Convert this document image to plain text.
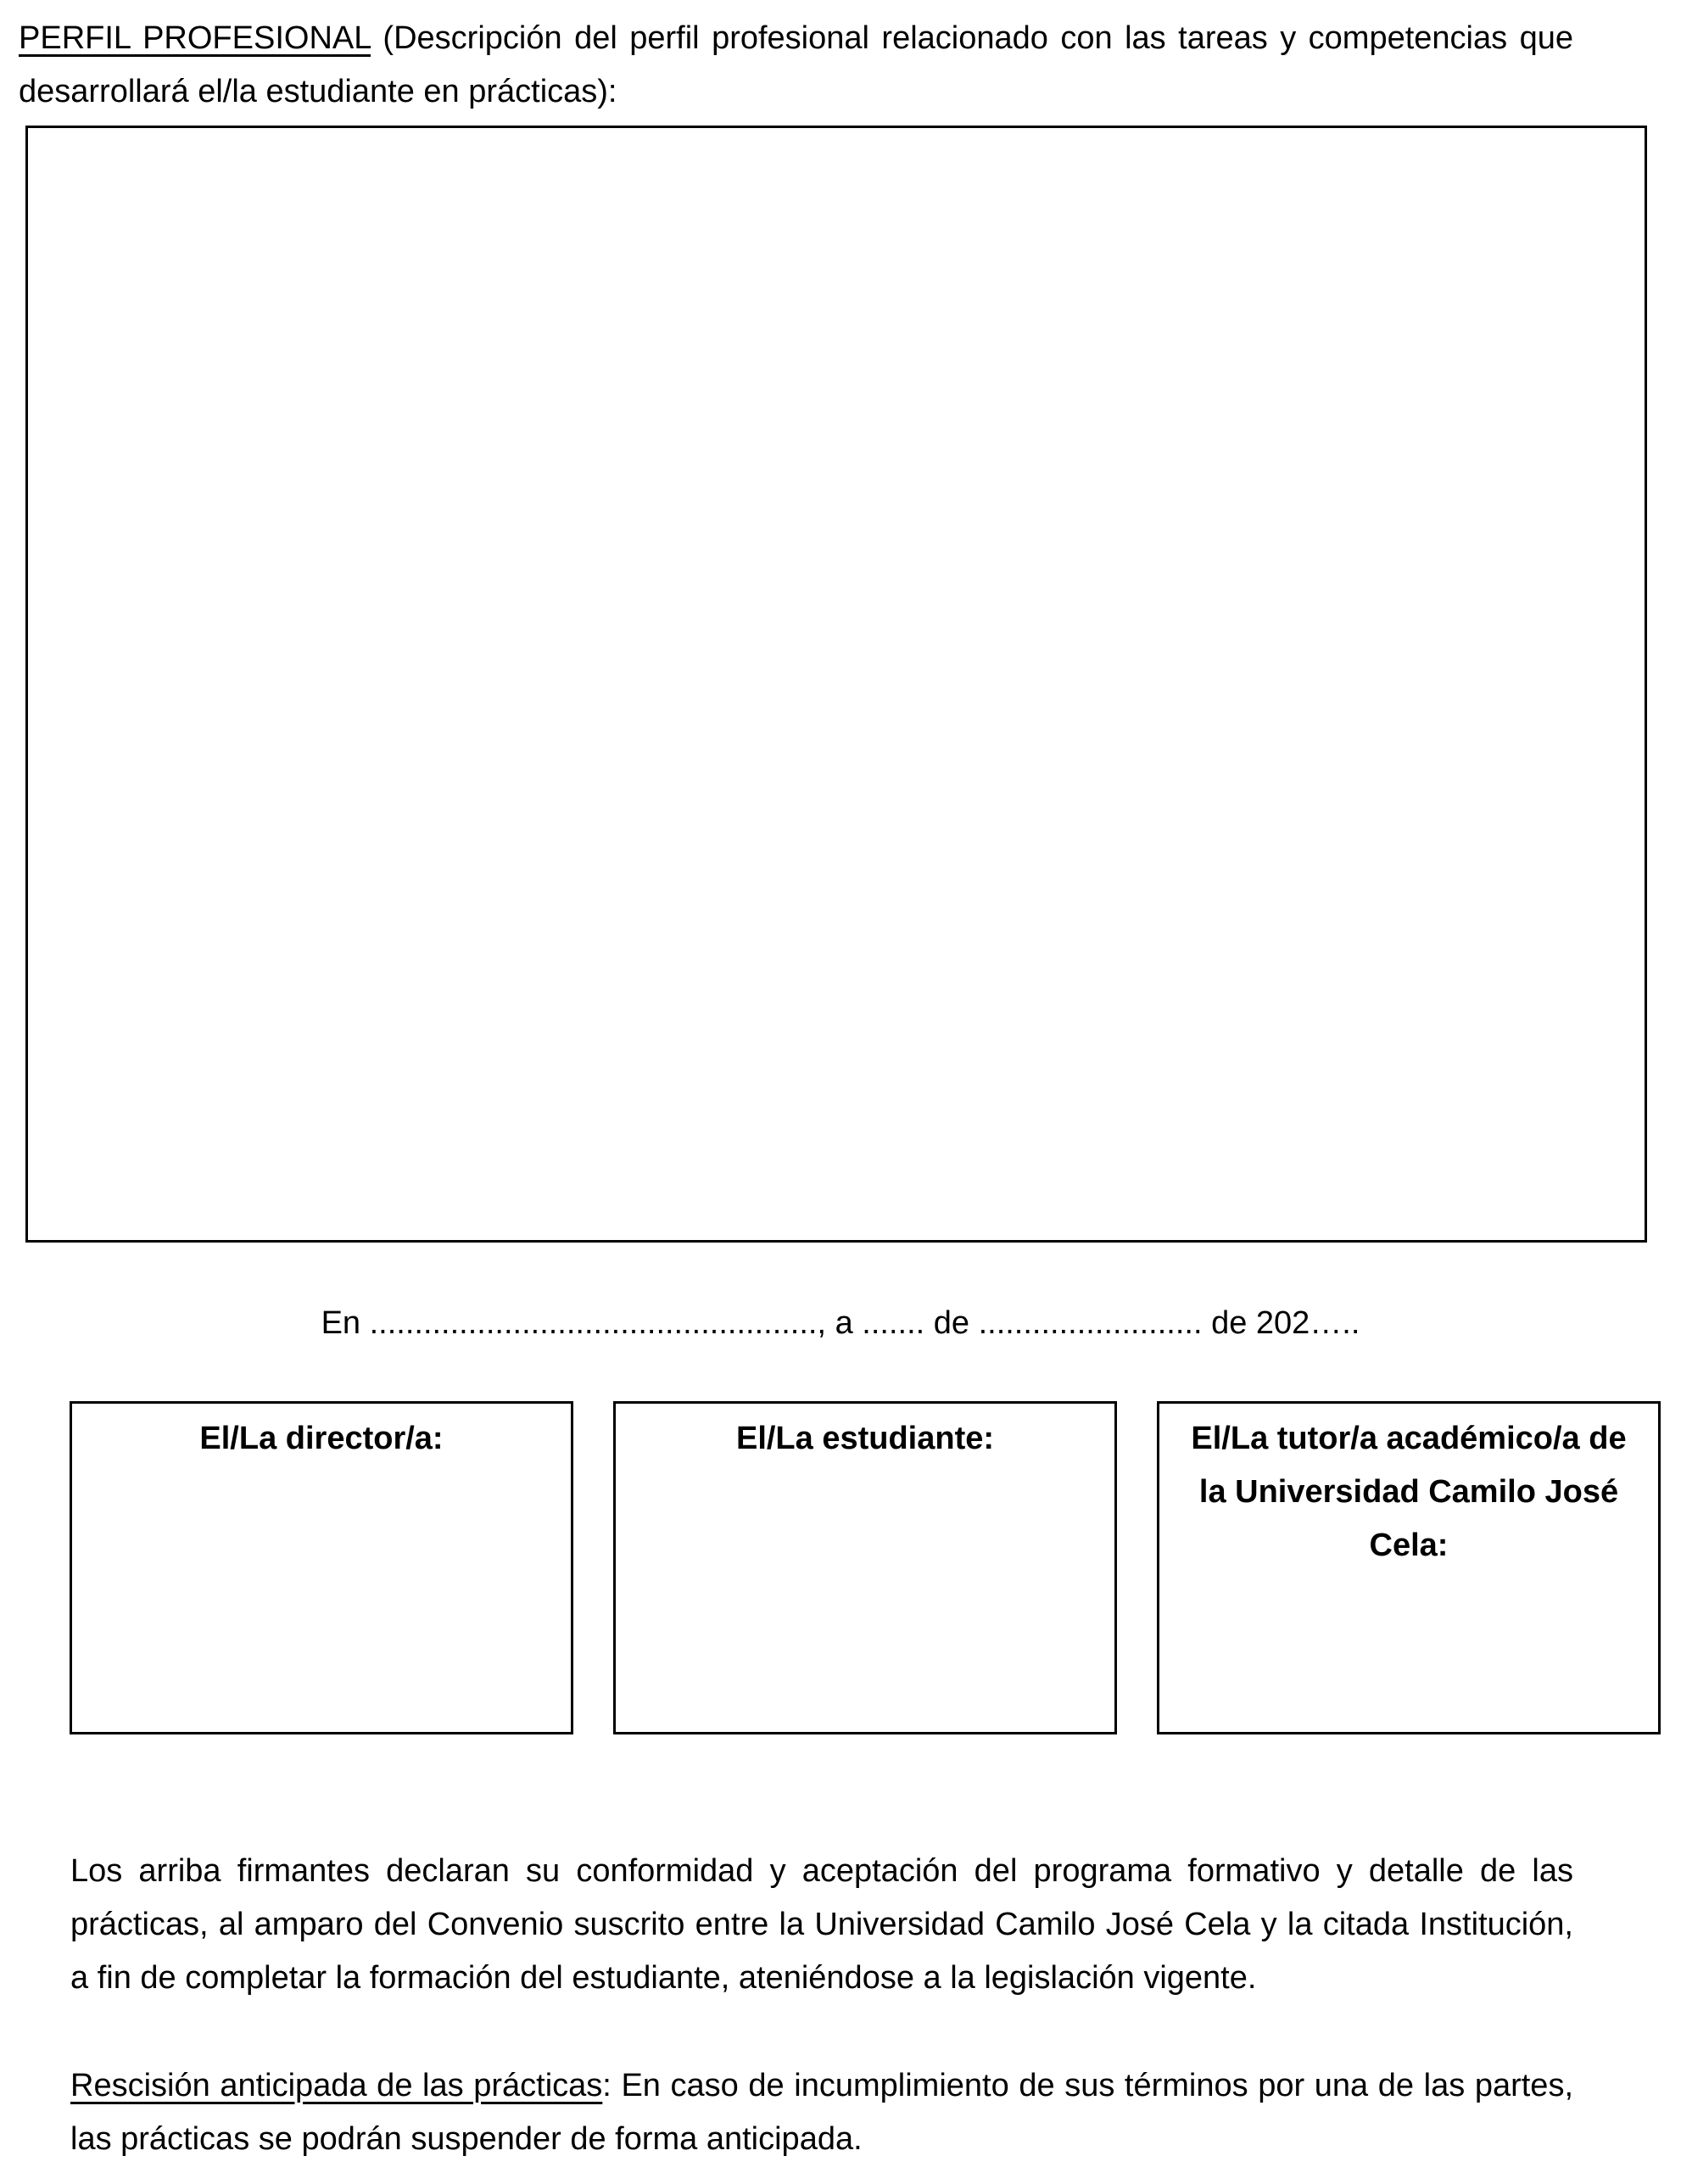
PERFIL PROFESIONAL (Descripción del perfil profesional relacionado con las tareas y competencias que desarrollará el/la estudiante en prácticas):

En .................................................., a ....... de ......................... de 202…..

El/La director/a:	El/La estudiante:	El/La tutor/a académico/a de la Universidad Camilo José Cela:

Los arriba firmantes declaran su conformidad y aceptación del programa formativo y detalle de las prácticas, al amparo del Convenio suscrito entre la Universidad Camilo José Cela y la citada Institución, a fin de completar la formación del estudiante, ateniéndose a la legislación vigente.

Rescisión anticipada de las prácticas: En caso de incumplimiento de sus términos por una de las partes, las prácticas se podrán suspender de forma anticipada.
